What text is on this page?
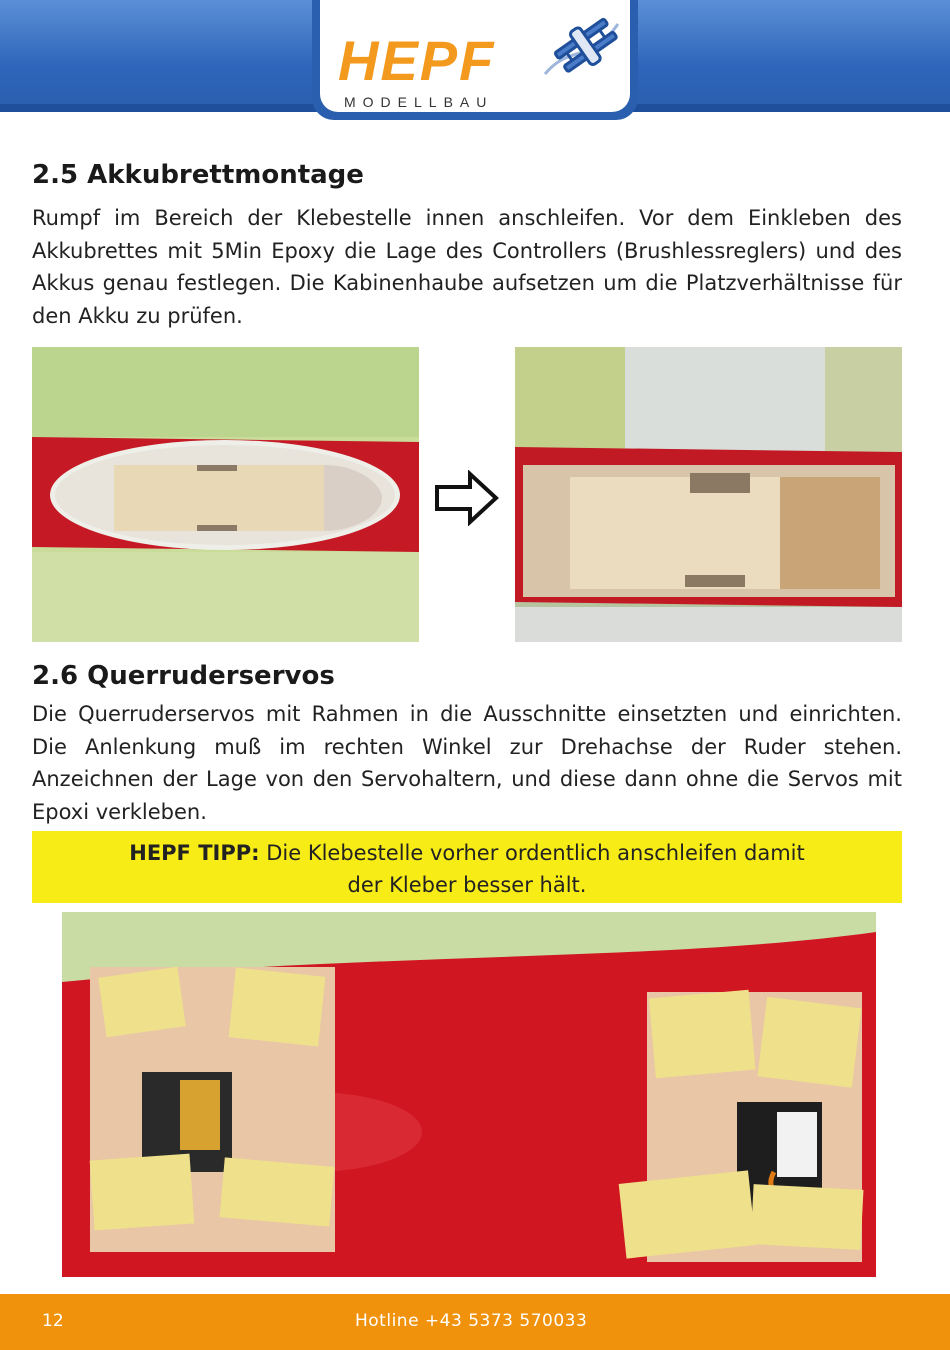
HEPF
MODELLBAU
2.5 Akkubrettmontage

Rumpf im Bereich der Klebestelle innen anschleifen. Vor dem Einkleben des Akkubrettes mit 5Min Epoxy die Lage des Controllers (Brushlessreglers) und des Akkus genau festlegen. Die Kabinenhaube aufsetzen um die Platzverhältnisse für den Akku zu prüfen.

2.6 Querruderservos

Die Querruderservos mit Rahmen in die Ausschnitte einsetzten und einrichten. Die Anlenkung muß im rechten Winkel zur Drehachse der Ruder stehen. Anzeichnen der Lage von den Servohaltern, und diese dann ohne die Servos mit Epoxi verkleben.

HEPF TIPP: Die Klebestelle vorher ordentlich anschleifen damit
der Kleber besser hält.
12	Hotline +43 5373 570033
